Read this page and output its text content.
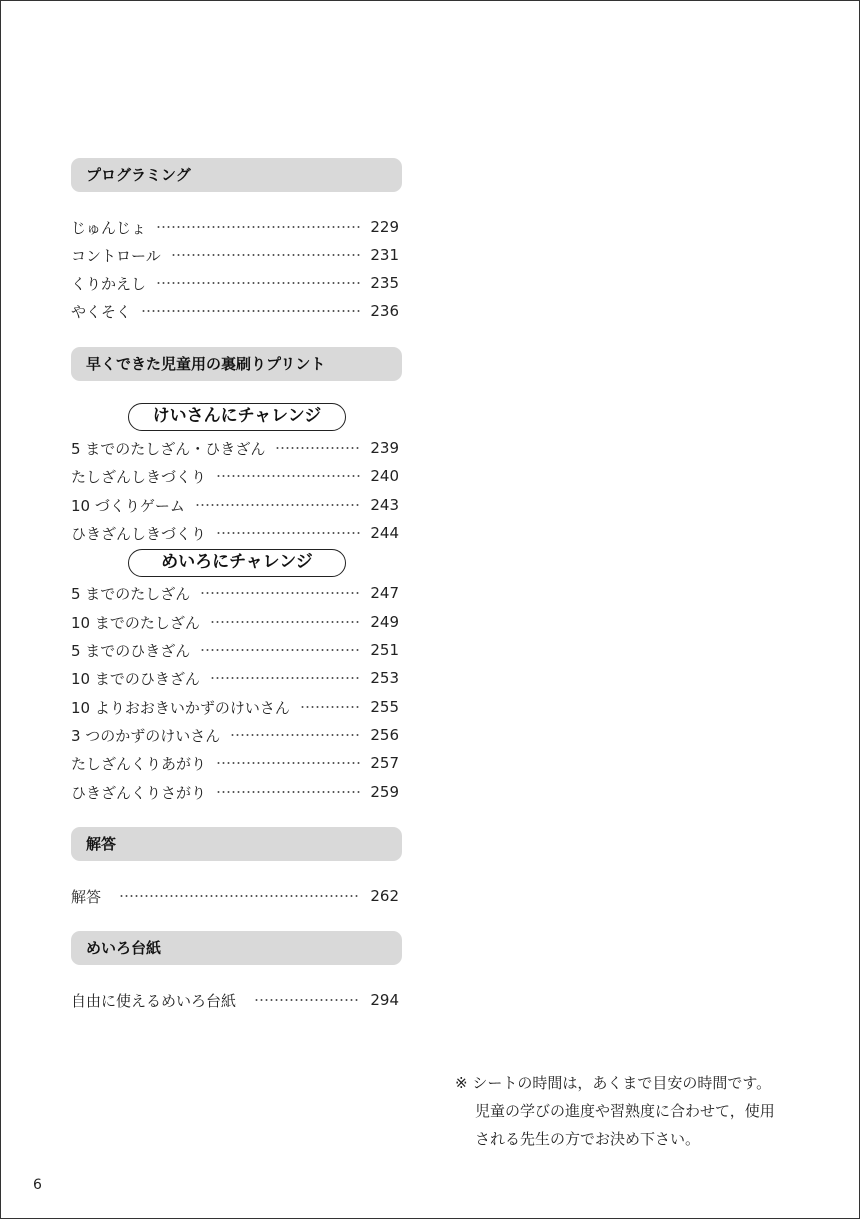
プログラミング
じゅんじょ	229
コントロール	231
くりかえし	235
やくそく	236
早くできた児童用の裏刷りプリント
けいさんにチャレンジ
5 までのたしざん・ひきざん	239
たしざんしきづくり	240
10 づくりゲーム	243
ひきざんしきづくり	244
めいろにチャレンジ
5 までのたしざん	247
10 までのたしざん	249
5 までのひきざん	251
10 までのひきざん	253
10 よりおおきいかずのけいさん	255
3 つのかずのけいさん	256
たしざんくりあがり	257
ひきざんくりさがり	259
解答
解答	262
めいろ台紙
自由に使えるめいろ台紙	294
※ シートの時間は，あくまで目安の時間です。
児童の学びの進度や習熟度に合わせて，使用
される先生の方でお決め下さい。
6
